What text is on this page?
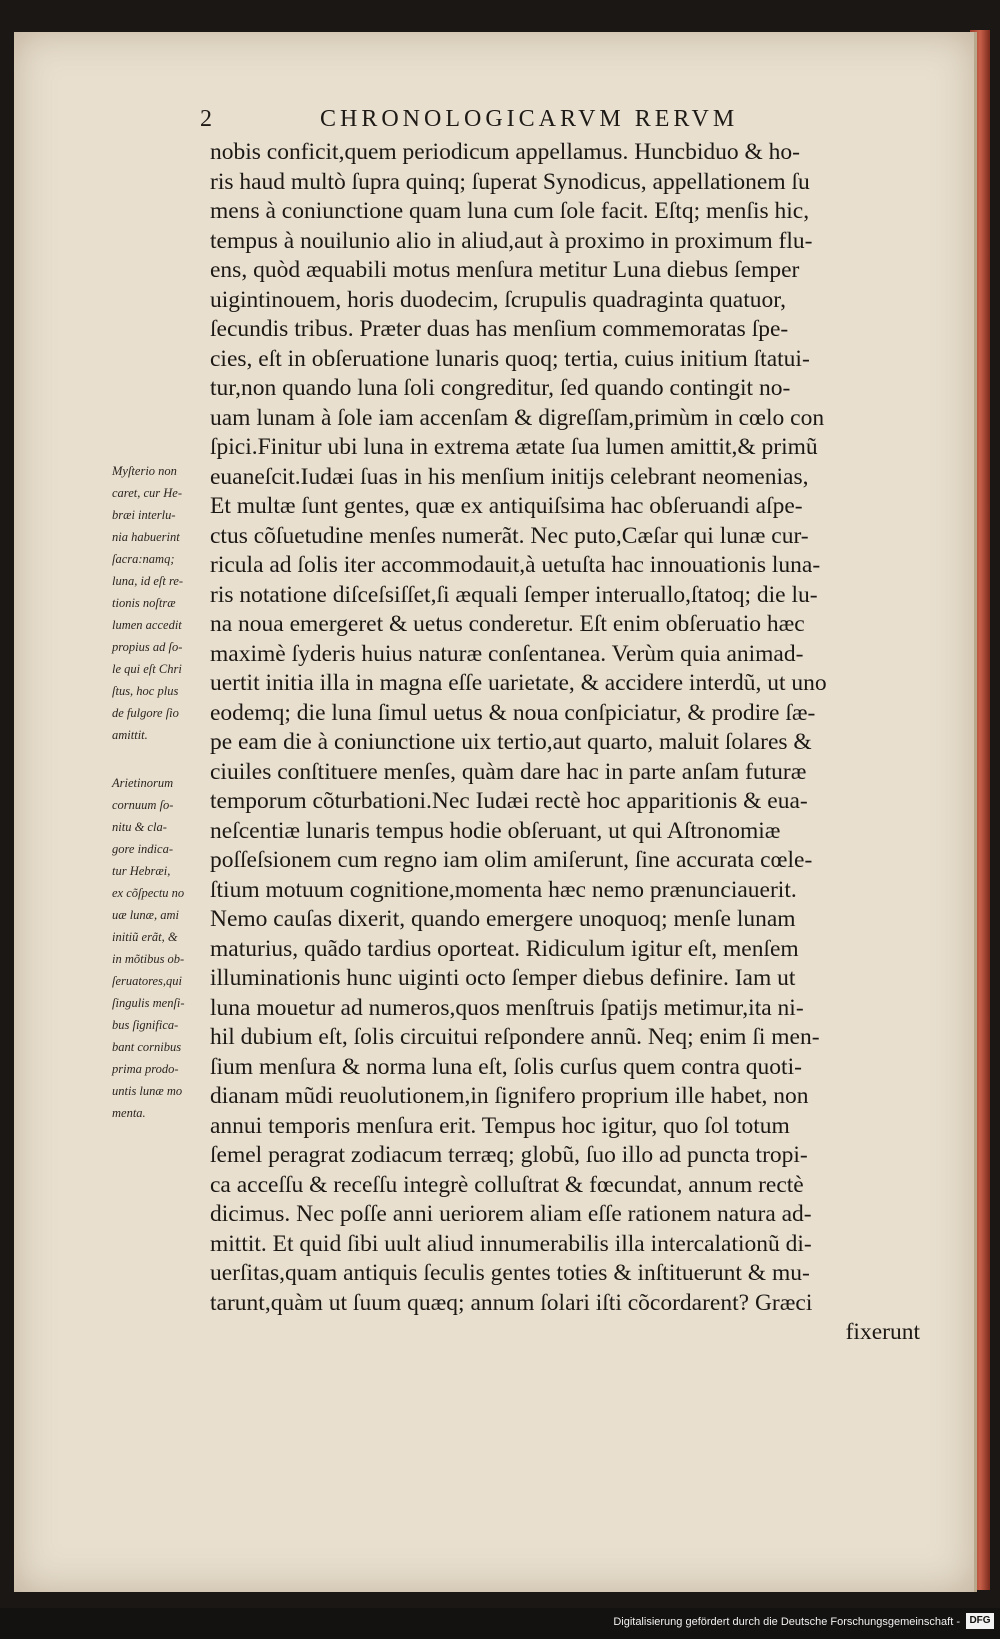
2	CHRONOLOGICARVM RERVM
Myſterio non
caret, cur He-
bræi interlu-
nia habuerint
ſacra:namq;
luna, id eſt re-
tionis noſtræ
lumen accedit
propius ad ſo-
le qui eſt Chri
ſtus, hoc plus
de fulgore ſio
amittit.
Arietinorum
cornuum ſo-
nitu & cla-
gore indica-
tur Hebræi,
ex cõſpectu no
uæ lunæ, ami
initiũ erãt, &
in mõtibus ob-
ſeruatores,qui
ſingulis menſi-
bus ſignifica-
bant cornibus
prima prodo-
untis lunæ mo
menta.
nobis conficit,quem periodicum appellamus. Huncbiduo & ho-
ris haud multò ſupra quinq; ſuperat Synodicus, appellationem ſu
mens à coniunctione quam luna cum ſole facit. Eſtq; menſis hic,
tempus à nouilunio alio in aliud,aut à proximo in proximum flu-
ens, quòd æquabili motus menſura metitur Luna diebus ſemper
uigintinouem, horis duodecim, ſcrupulis quadraginta quatuor,
ſecundis tribus. Præter duas has menſium commemoratas ſpe-
cies, eſt in obſeruatione lunaris quoq; tertia, cuius initium ſtatui-
tur,non quando luna ſoli congreditur, ſed quando contingit no-
uam lunam à ſole iam accenſam & digreſſam,primùm in cœlo con
ſpici.Finitur ubi luna in extrema ætate ſua lumen amittit,& primũ
euaneſcit.Iudæi ſuas in his menſium initijs celebrant neomenias,
Et multæ ſunt gentes, quæ ex antiquiſsima hac obſeruandi aſpe-
ctus cõſuetudine menſes numerãt. Nec puto,Cæſar qui lunæ cur-
ricula ad ſolis iter accommodauit,à uetuſta hac innouationis luna-
ris notatione diſceſsiſſet,ſi æquali ſemper interuallo,ſtatoq; die lu-
na noua emergeret & uetus conderetur. Eſt enim obſeruatio hæc
maximè ſyderis huius naturæ conſentanea. Verùm quia animad-
uertit initia illa in magna eſſe uarietate, & accidere interdũ, ut uno
eodemq; die luna ſimul uetus & noua conſpiciatur, & prodire ſæ-
pe eam die à coniunctione uix tertio,aut quarto, maluit ſolares &
ciuiles conſtituere menſes, quàm dare hac in parte anſam futuræ
temporum cõturbationi.Nec Iudæi rectè hoc apparitionis & eua-
neſcentiæ lunaris tempus hodie obſeruant, ut qui Aſtronomiæ
poſſeſsionem cum regno iam olim amiſerunt, ſine accurata cœle-
ſtium motuum cognitione,momenta hæc nemo prænunciauerit.
Nemo cauſas dixerit, quando emergere unoquoq; menſe lunam
maturius, quãdo tardius oporteat. Ridiculum igitur eſt, menſem
illuminationis hunc uiginti octo ſemper diebus definire. Iam ut
luna mouetur ad numeros,quos menſtruis ſpatijs metimur,ita ni-
hil dubium eſt, ſolis circuitui reſpondere annũ. Neq; enim ſi men-
ſium menſura & norma luna eſt, ſolis curſus quem contra quoti-
dianam mũdi reuolutionem,in ſignifero proprium ille habet, non
annui temporis menſura erit. Tempus hoc igitur, quo ſol totum
ſemel peragrat zodiacum terræq; globũ, ſuo illo ad puncta tropi-
ca acceſſu & receſſu integrè colluſtrat & fœcundat, annum rectè
dicimus. Nec poſſe anni ueriorem aliam eſſe rationem natura ad-
mittit. Et quid ſibi uult aliud innumerabilis illa intercalationũ di-
uerſitas,quam antiquis ſeculis gentes toties & inſtituerunt & mu-
tarunt,quàm ut ſuum quæq; annum ſolari iſti cõcordarent? Græci
fixerunt
Digitalisierung gefördert durch die Deutsche Forschungsgemeinschaft - DFG
